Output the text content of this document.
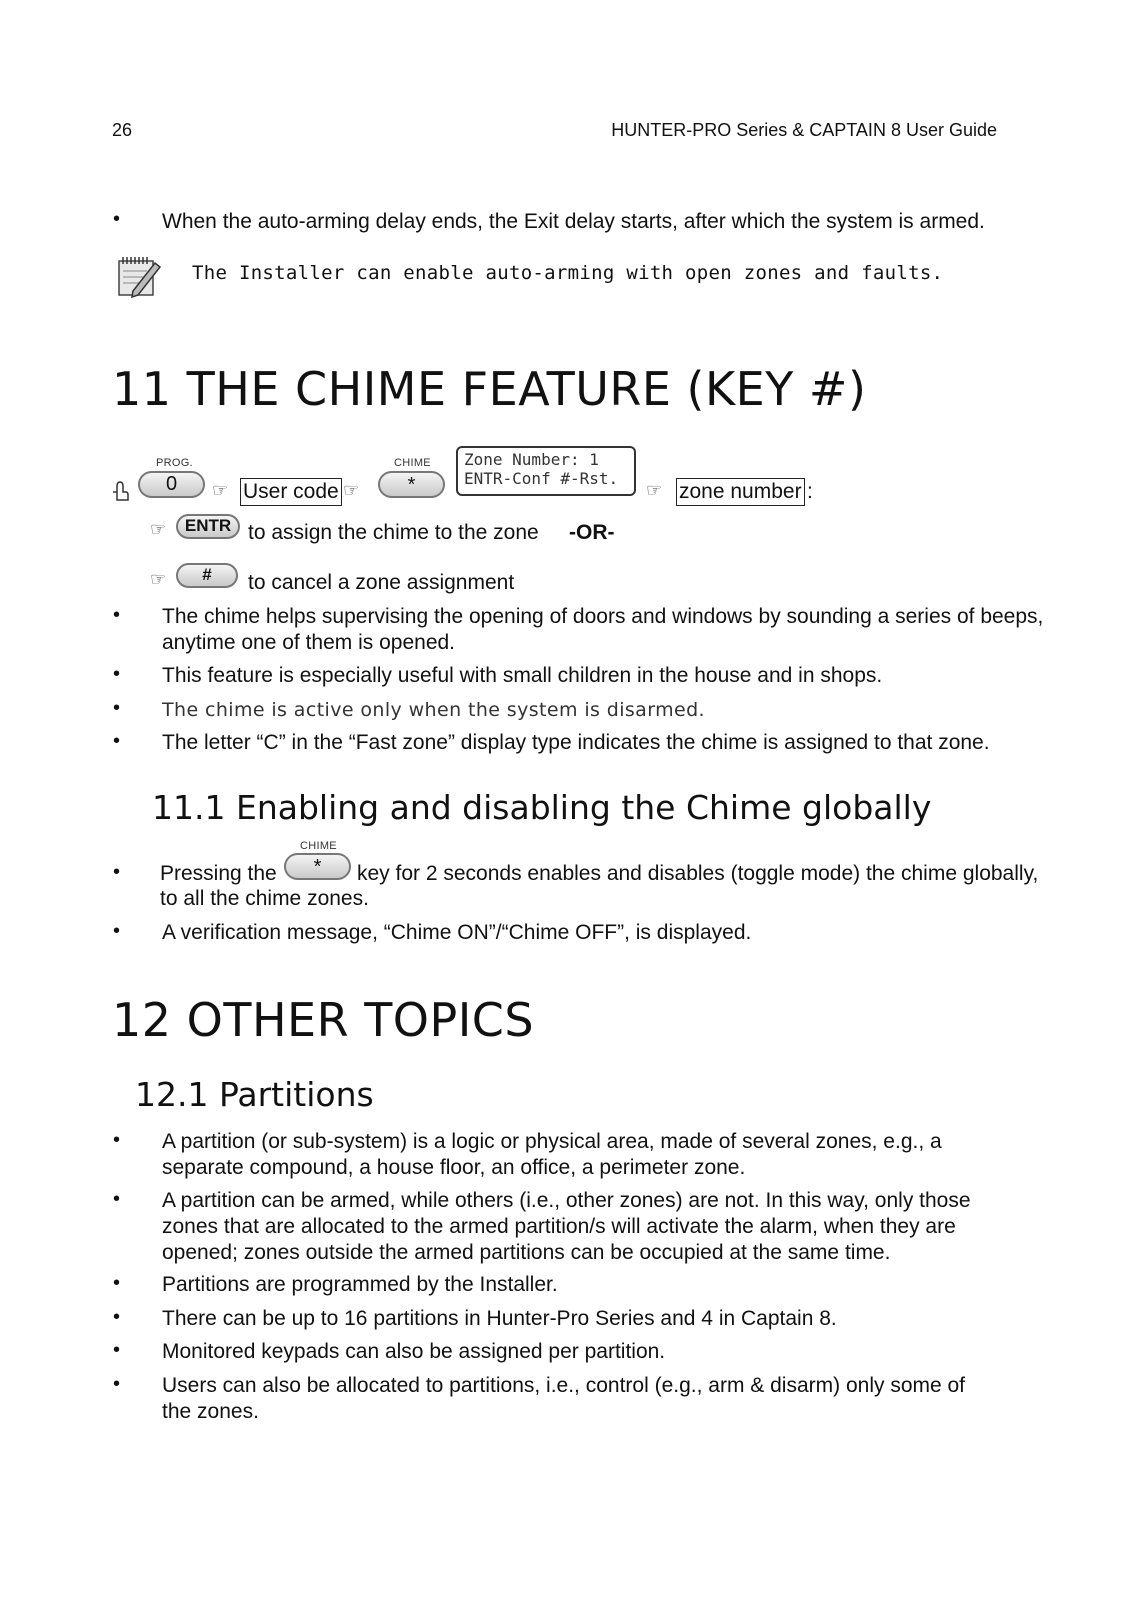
26	HUNTER-PRO Series & CAPTAIN 8 User Guide
• When the auto-arming delay ends, the Exit delay starts, after which the system is armed.
The Installer can enable auto-arming with open zones and faults.
11 THE CHIME FEATURE (KEY #)
PROG.
0	☞ User code ☞
CHIME
*
Zone Number: 1
ENTR-Conf #-Rst.
☞ zone number :
☞	ENTR to assign the chime to the zone -OR-
☞	#	to cancel a zone assignment
• The chime helps supervising the opening of doors and windows by sounding a series of beeps, anytime one of them is opened.
• This feature is especially useful with small children in the house and in shops.
• The chime is active only when the system is disarmed.
• The letter “C” in the “Fast zone” display type indicates the chime is assigned to that zone.
11.1 Enabling and disabling the Chime globally
• Pressing the
CHIME
*	key for 2 seconds enables and disables (toggle mode) the chime globally,
to all the chime zones.
• A verification message, “Chime ON”/“Chime OFF”, is displayed.
12 OTHER TOPICS
12.1 Partitions
• A partition (or sub-system) is a logic or physical area, made of several zones, e.g., a separate compound, a house floor, an office, a perimeter zone.
• A partition can be armed, while others (i.e., other zones) are not. In this way, only those zones that are allocated to the armed partition/s will activate the alarm, when they are opened; zones outside the armed partitions can be occupied at the same time.
• Partitions are programmed by the Installer.
• There can be up to 16 partitions in Hunter-Pro Series and 4 in Captain 8.
• Monitored keypads can also be assigned per partition.
• Users can also be allocated to partitions, i.e., control (e.g., arm & disarm) only some of the zones.
